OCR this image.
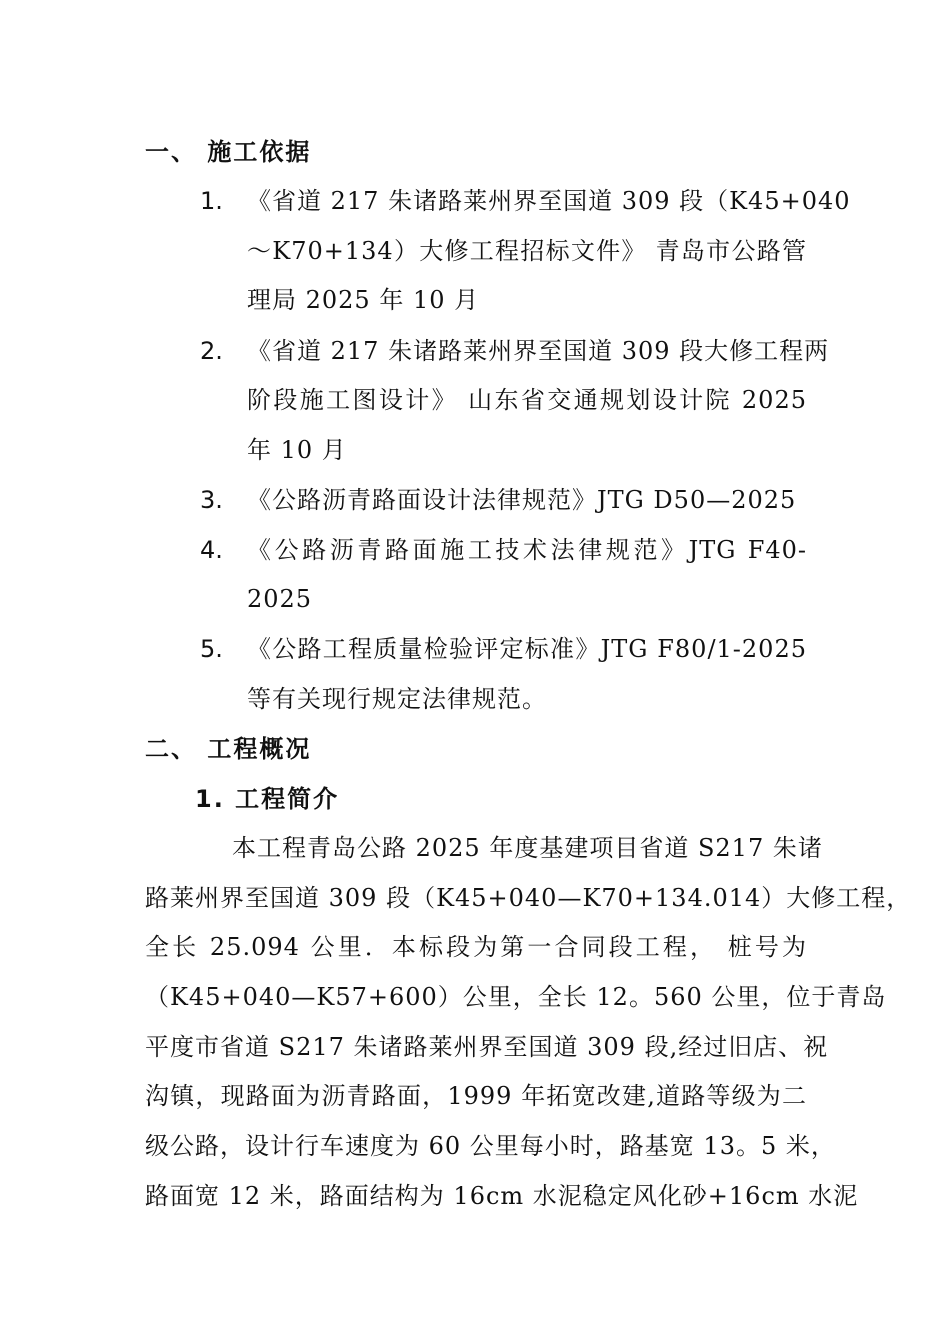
一、 施工依据
1. 《省道 217 朱诸路莱州界至国道 309 段（K45+040
～K70+134）大修工程招标文件》 青岛市公路管
理局 2025 年 10 月
2. 《省道 217 朱诸路莱州界至国道 309 段大修工程两
阶段施工图设计》 山东省交通规划设计院 2025
年 10 月
3. 《公路沥青路面设计法律规范》JTG D50—2025
4. 《公路沥青路面施工技术法律规范》JTG F40-
2025
5. 《公路工程质量检验评定标准》JTG F80/1-2025
等有关现行规定法律规范。
二、 工程概况
1. 工程简介
本工程青岛公路 2025 年度基建项目省道 S217 朱诸
路莱州界至国道 309 段（K45+040—K70+134.014）大修工程，
全长 25.094 公里．本标段为第一合同段工程， 桩号为
（K45+040—K57+600）公里，全长 12。560 公里，位于青岛
平度市省道 S217 朱诸路莱州界至国道 309 段,经过旧店、祝
沟镇，现路面为沥青路面，1999 年拓宽改建,道路等级为二
级公路，设计行车速度为 60 公里每小时，路基宽 13。5 米，
路面宽 12 米，路面结构为 16cm 水泥稳定风化砂+16cm 水泥
